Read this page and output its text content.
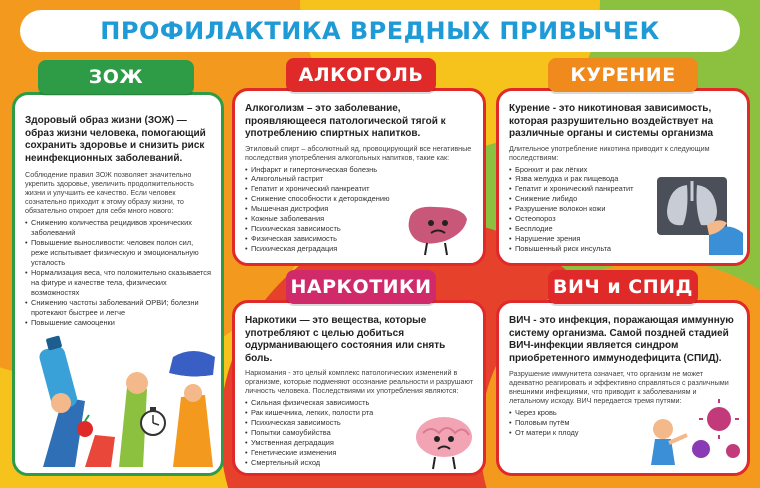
ПРОФИЛАКТИКА ВРЕДНЫХ ПРИВЫЧЕК
Здоровый образ жизни (ЗОЖ) — образ жизни человека, помогающий сохранить здоровье и снизить риск неинфекционных заболеваний.
Соблюдение правил ЗОЖ позволяет значительно укрепить здоровье, увеличить продолжительность жизни и улучшить ее качество. Если человек сознательно приходит к этому образу жизни, то обязательно откроет для себя много нового:
• Снижению количества рецидивов хронических заболеваний
• Повышение выносливости: человек полон сил, реже испытывает физическую и эмоциональную усталость
• Нормализация веса, что положительно сказывается на фигуре и качестве тела, физических возможностях
• Снижению частоты заболеваний ОРВИ; болезни протекают быстрее и легче
• Повышение самооценки
ЗОЖ
Алкоголизм – это заболевание, проявляющееся патологической тягой к употреблению спиртных напитков.
Этиловый спирт – абсолютный яд, провоцирующий все негативные последствия употребления алкогольных напитков, такие как:
• Инфаркт и гипертоническая болезнь
• Алкогольный гастрит
• Гепатит и хронический панкреатит
• Снижение способности к деторождению
• Мышечная дистрофия
• Кожные заболевания
• Психическая зависимость
• Физическая зависимость
• Психическая деградация
АЛКОГОЛЬ
Курение - это никотиновая зависимость, которая разрушительно воздействует на различные органы и системы организма
Длительное употребление никотина приводит к следующим последствиям:
• Бронхит и рак лёгких
• Язва желудка и рак пищевода
• Гепатит и хронический панкреатит
• Снижение либидо
• Разрушение волокон кожи
• Остеопороз
• Бесплодие
• Нарушение зрения
• Повышенный риск инсульта
КУРЕНИЕ
Наркотики — это вещества, которые употребляют с целью добиться одурманивающего состояния или снять боль.
Наркомания - это целый комплекс патологических изменений в организме, которые подменяют осознание реальности и разрушают личность человека. Последствиями их употребления являются:
• Сильная физическая зависимость
• Рак кишечника, легких, полости рта
• Психическая зависимость
• Попытки самоубийства
• Умственная деградация
• Генетические изменения
• Смертельный исход
НАРКОТИКИ
ВИЧ - это инфекция, поражающая иммунную систему организма. Самой поздней стадией ВИЧ-инфекции является синдром приобретенного иммунодефицита (СПИД).
Разрушение иммунитета означает, что организм не может адекватно реагировать и эффективно справляться с различными внешними инфекциями, что приводит к заболеваниям и летальному исходу. ВИЧ передается тремя путями:
• Через кровь
• Половым путём
• От матери к плоду
ВИЧ и СПИД
